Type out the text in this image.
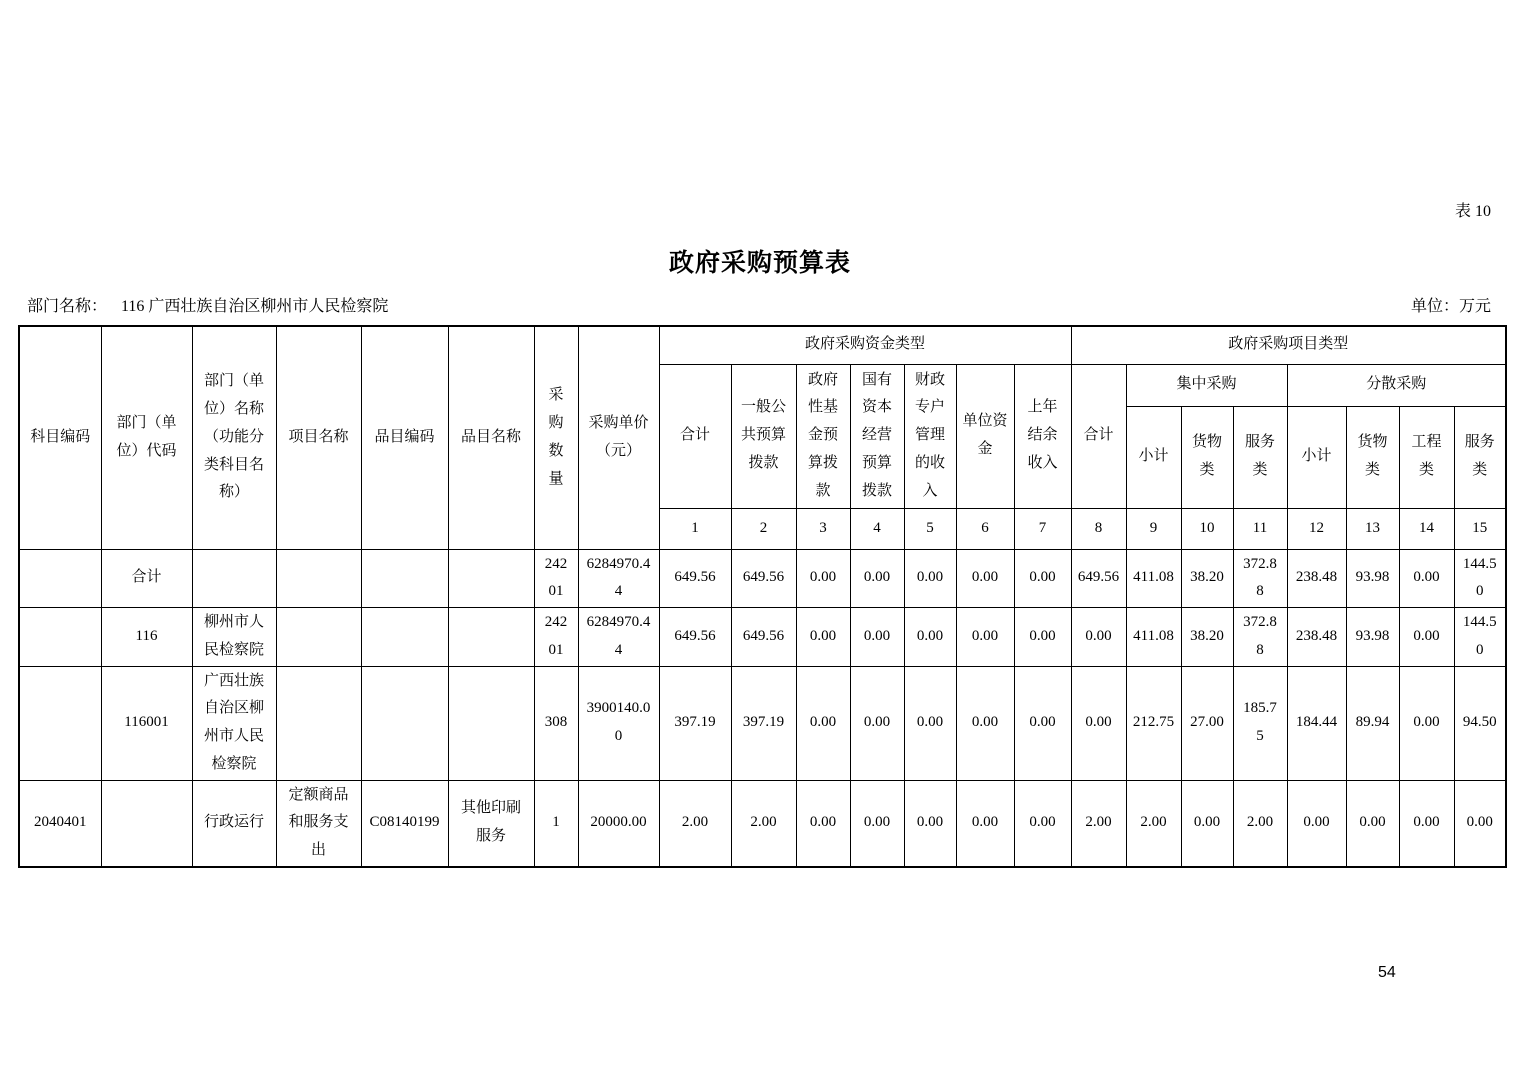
表 10
政府采购预算表
部门名称： 116 广西壮族自治区柳州市人民检察院	单位：万元
科目编码	部门（单位）代码	部门（单位）名称（功能分类科目名称）	项目名称	品目编码	品目名称	采购数量	采购单价（元）	政府采购资金类型							政府采购项目类型							
								合计	一般公共预算拨款	政府性基金预算拨款	国有资本经营预算拨款	财政专户管理的收入	单位资金	上年结余收入	合计	集中采购			分散采购			
																小计	货物类	服务类	小计	货物类	工程类	服务类
								1	2	3	4	5	6	7	8	9	10	11	12	13	14	15
	合计					24201	6284970.44	649.56	649.56	0.00	0.00	0.00	0.00	0.00	649.56	411.08	38.20	372.88	238.48	93.98	0.00	144.50
	116	柳州市人民检察院				24201	6284970.44	649.56	649.56	0.00	0.00	0.00	0.00	0.00	0.00	411.08	38.20	372.88	238.48	93.98	0.00	144.50
	116001	广西壮族自治区柳州市人民检察院				308	3900140.00	397.19	397.19	0.00	0.00	0.00	0.00	0.00	0.00	212.75	27.00	185.75	184.44	89.94	0.00	94.50
2040401		行政运行	定额商品和服务支出	C08140199	其他印刷服务	1	20000.00	2.00	2.00	0.00	0.00	0.00	0.00	0.00	2.00	2.00	0.00	2.00	0.00	0.00	0.00	0.00
54
